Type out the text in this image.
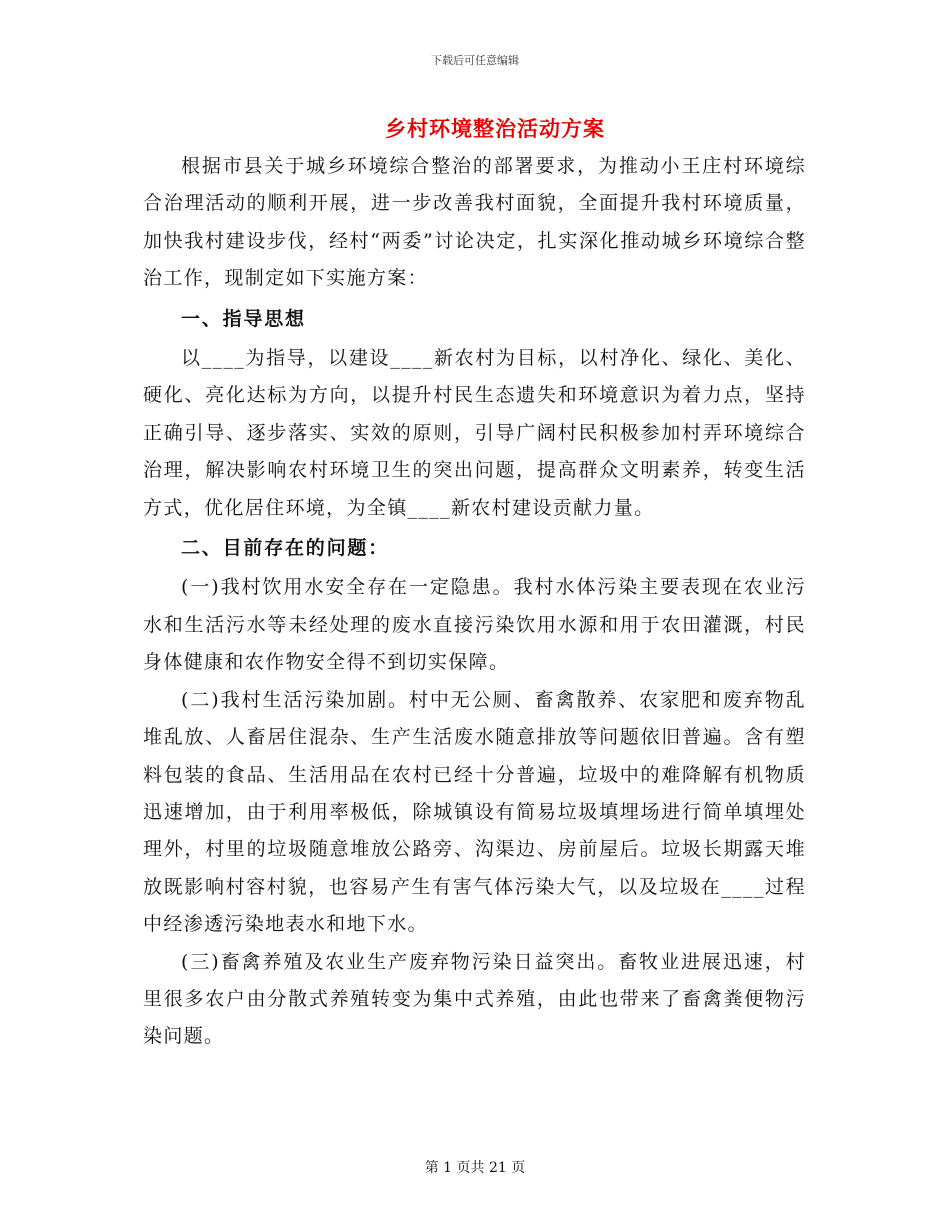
下载后可任意编辑
乡村环境整治活动方案

根据市县关于城乡环境综合整治的部署要求，为推动小王庄村环境综合治理活动的顺利开展，进一步改善我村面貌，全面提升我村环境质量，加快我村建设步伐，经村“两委”讨论决定，扎实深化推动城乡环境综合整治工作，现制定如下实施方案：

一、指导思想

以____为指导，以建设____新农村为目标，以村净化、绿化、美化、硬化、亮化达标为方向，以提升村民生态遗失和环境意识为着力点，坚持正确引导、逐步落实、实效的原则，引导广阔村民积极参加村弄环境综合治理，解决影响农村环境卫生的突出问题，提高群众文明素养，转变生活方式，优化居住环境，为全镇____新农村建设贡献力量。

二、目前存在的问题：

(一)我村饮用水安全存在一定隐患。我村水体污染主要表现在农业污水和生活污水等未经处理的废水直接污染饮用水源和用于农田灌溉，村民身体健康和农作物安全得不到切实保障。

(二)我村生活污染加剧。村中无公厕、畜禽散养、农家肥和废弃物乱堆乱放、人畜居住混杂、生产生活废水随意排放等问题依旧普遍。含有塑料包装的食品、生活用品在农村已经十分普遍，垃圾中的难降解有机物质迅速增加，由于利用率极低，除城镇设有简易垃圾填埋场进行简单填埋处理外，村里的垃圾随意堆放公路旁、沟渠边、房前屋后。垃圾长期露天堆放既影响村容村貌，也容易产生有害气体污染大气，以及垃圾在____过程中经渗透污染地表水和地下水。

(三)畜禽养殖及农业生产废弃物污染日益突出。畜牧业进展迅速，村里很多农户由分散式养殖转变为集中式养殖，由此也带来了畜禽粪便物污染问题。

第 1 页共 21 页
